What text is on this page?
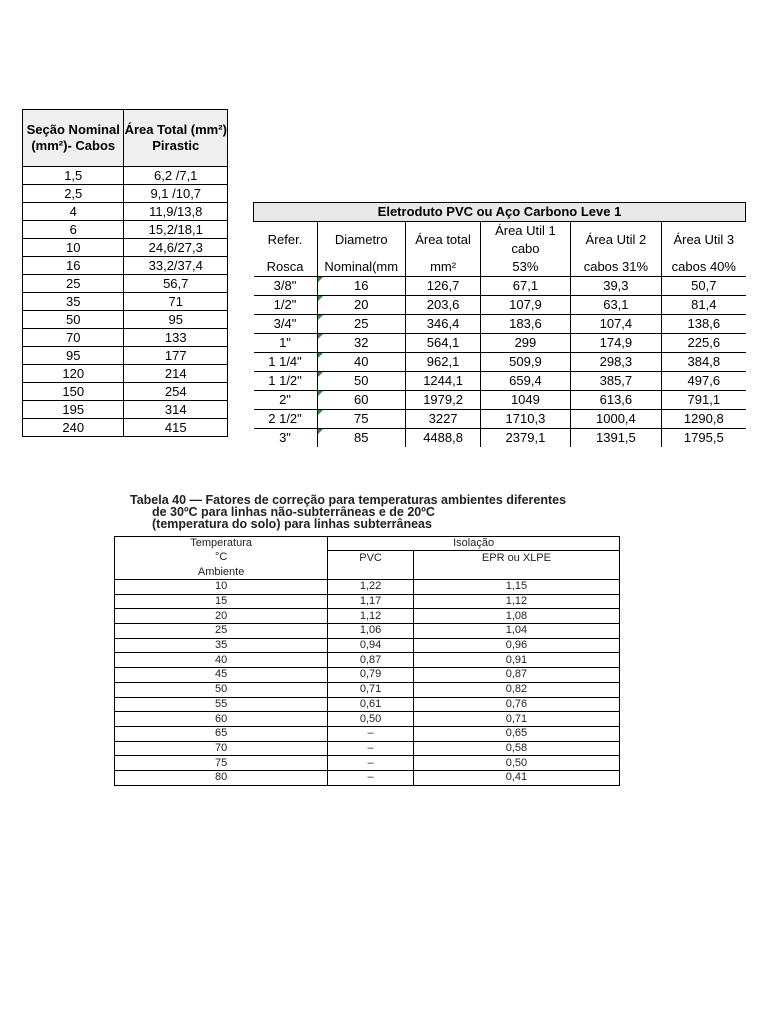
Seção Nominal (mm²)- Cabos	Área Total (mm²) Pirastic
1,5	6,2 /7,1
2,5	9,1 /10,7
4	11,9/13,8
6	15,2/18,1
10	24,6/27,3
16	33,2/37,4
25	56,7
35	71
50	95
70	133
95	177
120	214
150	254
195	314
240	415
Eletroduto PVC ou Aço Carbono Leve 1					
Refer.	Diametro	Área total	Área Util 1 cabo	Área Util 2	Área Util 3
Rosca	Nominal(mm	mm²	53%	cabos 31%	cabos 40%
3/8"	16	126,7	67,1	39,3	50,7
1/2"	20	203,6	107,9	63,1	81,4
3/4"	25	346,4	183,6	107,4	138,6
1"	32	564,1	299	174,9	225,6
1 1/4"	40	962,1	509,9	298,3	384,8
1 1/2"	50	1244,1	659,4	385,7	497,6
2"	60	1979,2	1049	613,6	791,1
2 1/2"	75	3227	1710,3	1000,4	1290,8
3"	85	4488,8	2379,1	1391,5	1795,5
Tabela 40 — Fatores de correção para temperaturas ambientes diferentes
de 30ºC para linhas não-subterrâneas e de 20ºC
(temperatura do solo) para linhas subterrâneas
Temperatura	Isolação	
°C	PVC	EPR ou XLPE
Ambiente		
10	1,22	1,15
15	1,17	1,12
20	1,12	1,08
25	1,06	1,04
35	0,94	0,96
40	0,87	0,91
45	0,79	0,87
50	0,71	0,82
55	0,61	0,76
60	0,50	0,71
65	–	0,65
70	–	0,58
75	–	0,50
80	–	0,41
